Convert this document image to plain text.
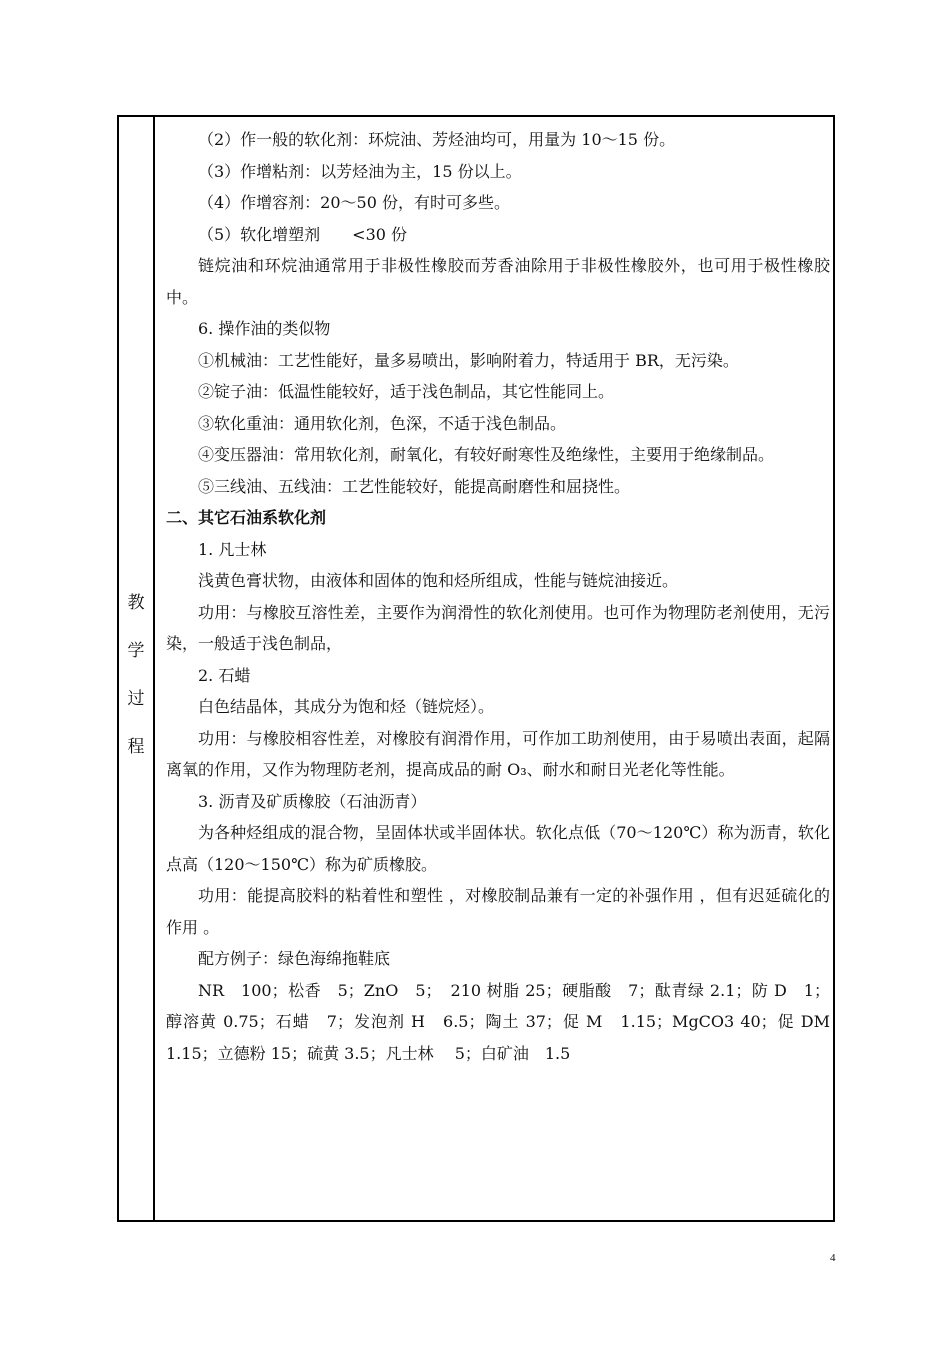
教
学
过
程

（2）作一般的软化剂：环烷油、芳烃油均可，用量为 10～15 份。

（3）作增粘剂：以芳烃油为主，15 份以上。

（4）作增容剂：20～50 份，有时可多些。

（5）软化增塑剂　　<30 份

链烷油和环烷油通常用于非极性橡胶而芳香油除用于非极性橡胶外，也可用于极性橡胶中。

6. 操作油的类似物

①机械油：工艺性能好，量多易喷出，影响附着力，特适用于 BR，无污染。

②锭子油：低温性能较好，适于浅色制品，其它性能同上。

③软化重油：通用软化剂，色深，不适于浅色制品。

④变压器油：常用软化剂，耐氧化，有较好耐寒性及绝缘性，主要用于绝缘制品。

⑤三线油、五线油：工艺性能较好，能提高耐磨性和屈挠性。

二、其它石油系软化剂

1. 凡士林

浅黄色膏状物，由液体和固体的饱和烃所组成，性能与链烷油接近。

功用：与橡胶互溶性差，主要作为润滑性的软化剂使用。也可作为物理防老剂使用，无污染，一般适于浅色制品，

2. 石蜡

白色结晶体，其成分为饱和烃（链烷烃）。

功用：与橡胶相容性差，对橡胶有润滑作用，可作加工助剂使用，由于易喷出表面，起隔离氧的作用，又作为物理防老剂，提高成品的耐 O₃、耐水和耐日光老化等性能。

3. 沥青及矿质橡胶（石油沥青）

为各种烃组成的混合物，呈固体状或半固体状。软化点低（70～120℃）称为沥青，软化点高（120～150℃）称为矿质橡胶。

功用：能提高胶料的粘着性和塑性 ，对橡胶制品兼有一定的补强作用 ，但有迟延硫化的作用 。

配方例子：绿色海绵拖鞋底

NR　100；松香　5；ZnO　5；　210 树脂 25；硬脂酸　7；酞青绿 2.1；防 D　1；醇溶黄 0.75；石蜡　7；发泡剂 H　6.5；陶土 37；促 M　1.15；MgCO3 40；促 DM 1.15；立德粉 15；硫黄 3.5；凡士林　 5；白矿油　1.5

4
